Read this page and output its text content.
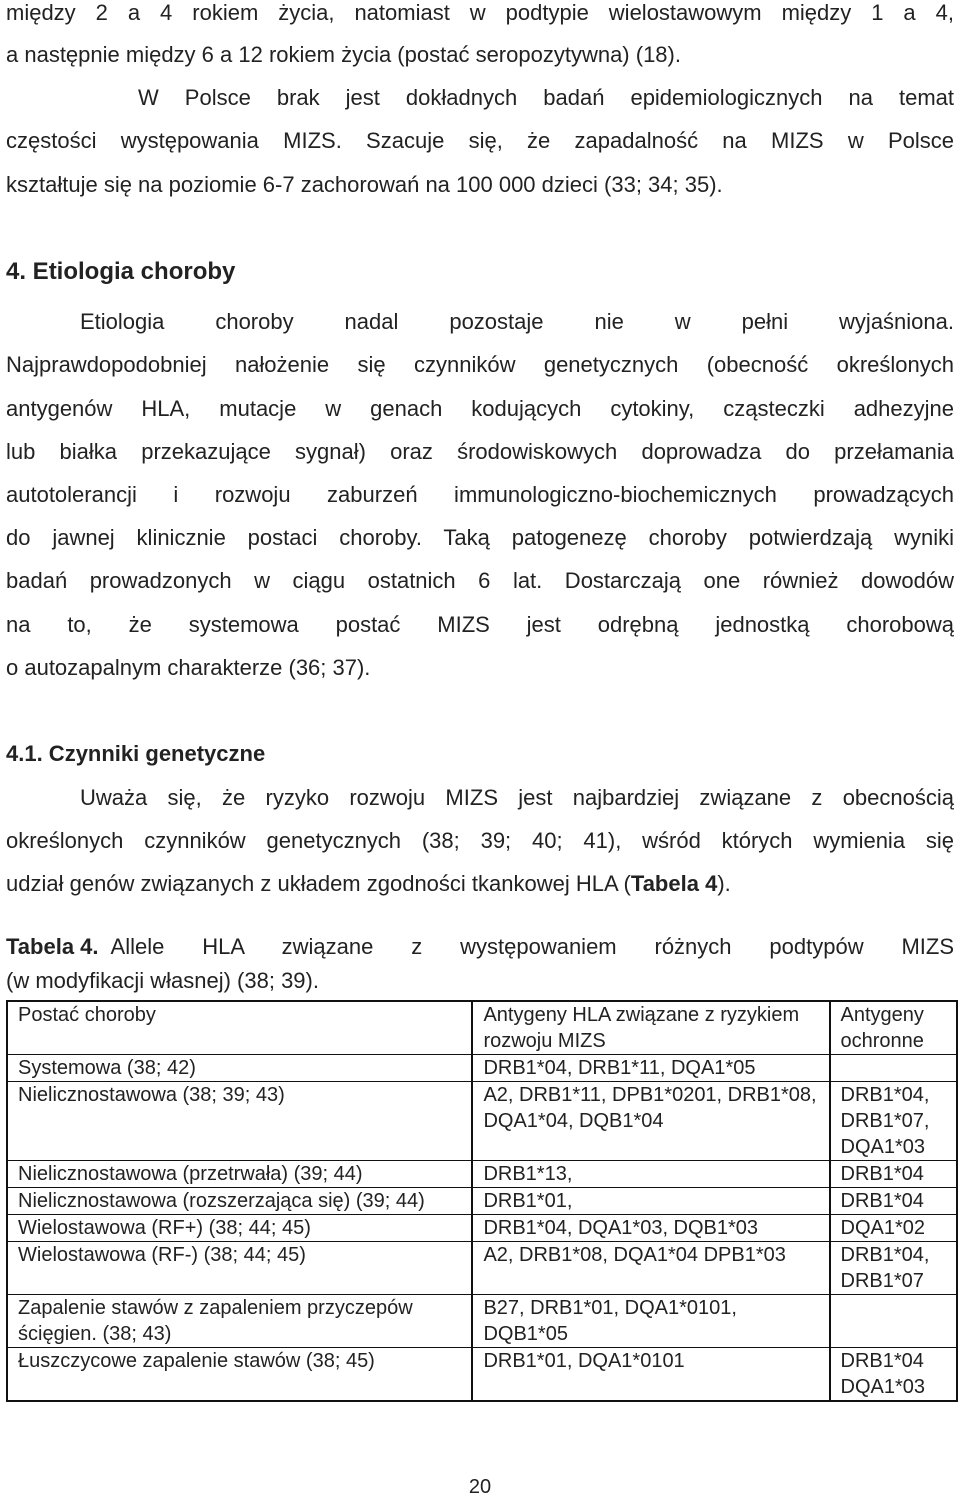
między 2 a 4 rokiem życia, natomiast w podtypie wielostawowym między 1 a 4,
a następnie między 6 a 12 rokiem życia (postać seropozytywna) (18).
W Polsce brak jest dokładnych badań epidemiologicznych na temat
częstości występowania MIZS. Szacuje się, że zapadalność na MIZS w Polsce
kształtuje się na poziomie 6-7 zachorowań na 100 000 dzieci (33; 34; 35).
4. Etiologia choroby
Etiologia choroby nadal pozostaje nie w pełni wyjaśniona.
Najprawdopodobniej nałożenie się czynników genetycznych (obecność określonych
antygenów HLA, mutacje w genach kodujących cytokiny, cząsteczki adhezyjne
lub białka przekazujące sygnał) oraz środowiskowych doprowadza do przełamania
autotolerancji i rozwoju zaburzeń immunologiczno-biochemicznych prowadzących
do jawnej klinicznie postaci choroby. Taką patogenezę choroby potwierdzają wyniki
badań prowadzonych w ciągu ostatnich 6 lat. Dostarczają one również dowodów
na to, że systemowa postać MIZS jest odrębną jednostką chorobową
o autozapalnym charakterze (36; 37).
4.1. Czynniki genetyczne
Uważa się, że ryzyko rozwoju MIZS jest najbardziej związane z obecnością
określonych czynników genetycznych (38; 39; 40; 41), wśród których wymienia się
udział genów związanych z układem zgodności tkankowej HLA (Tabela 4).
Tabela 4. Allele HLA związane z występowaniem różnych podtypów MIZS
(w modyfikacji własnej) (38; 39).
Postać choroby	Antygeny HLA związane z ryzykiem rozwoju MIZS	Antygeny ochronne
Systemowa (38; 42)	DRB1*04, DRB1*11, DQA1*05	
Nielicznostawowa (38; 39; 43)	A2, DRB1*11, DPB1*0201, DRB1*08, DQA1*04, DQB1*04	DRB1*04, DRB1*07, DQA1*03
Nielicznostawowa (przetrwała) (39; 44)	DRB1*13,	DRB1*04
Nielicznostawowa (rozszerzająca się) (39; 44)	DRB1*01,	DRB1*04
Wielostawowa (RF+) (38; 44; 45)	DRB1*04, DQA1*03, DQB1*03	DQA1*02
Wielostawowa (RF-) (38; 44; 45)	A2, DRB1*08, DQA1*04 DPB1*03	DRB1*04, DRB1*07
Zapalenie stawów z zapaleniem przyczepów ścięgien. (38; 43)	B27, DRB1*01, DQA1*0101, DQB1*05	
Łuszczycowe zapalenie stawów (38; 45)	DRB1*01, DQA1*0101	DRB1*04 DQA1*03
20
